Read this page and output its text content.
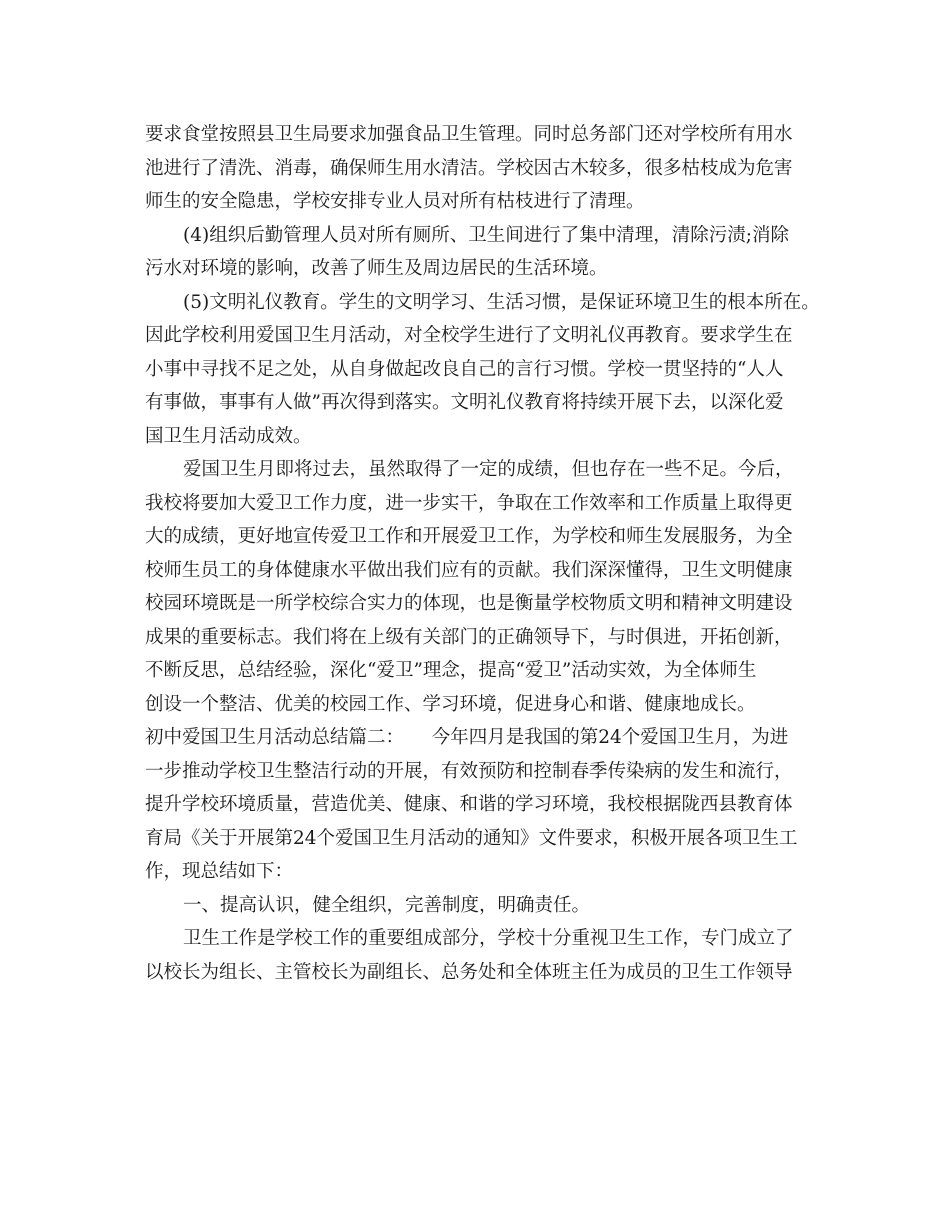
要求食堂按照县卫生局要求加强食品卫生管理。同时总务部门还对学校所有用水
池进行了清洗、消毒，确保师生用水清洁。学校因古木较多，很多枯枝成为危害
师生的安全隐患，学校安排专业人员对所有枯枝进行了清理。
(4)组织后勤管理人员对所有厕所、卫生间进行了集中清理，清除污渍;消除
污水对环境的影响，改善了师生及周边居民的生活环境。
(5)文明礼仪教育。学生的文明学习、生活习惯，是保证环境卫生的根本所在。
因此学校利用爱国卫生月活动，对全校学生进行了文明礼仪再教育。要求学生在
小事中寻找不足之处，从自身做起改良自己的言行习惯。学校一贯坚持的“人人
有事做，事事有人做”再次得到落实。文明礼仪教育将持续开展下去，以深化爱
国卫生月活动成效。
爱国卫生月即将过去，虽然取得了一定的成绩，但也存在一些不足。今后，
我校将要加大爱卫工作力度，进一步实干，争取在工作效率和工作质量上取得更
大的成绩，更好地宣传爱卫工作和开展爱卫工作，为学校和师生发展服务，为全
校师生员工的身体健康水平做出我们应有的贡献。我们深深懂得，卫生文明健康
校园环境既是一所学校综合实力的体现，也是衡量学校物质文明和精神文明建设
成果的重要标志。我们将在上级有关部门的正确领导下，与时俱进，开拓创新，
不断反思，总结经验，深化“爱卫”理念，提高“爱卫”活动实效，为全体师生
创设一个整洁、优美的校园工作、学习环境，促进身心和谐、健康地成长。
初中爱国卫生月活动总结篇二：　　今年四月是我国的第24个爱国卫生月，为进
一步推动学校卫生整洁行动的开展，有效预防和控制春季传染病的发生和流行，
提升学校环境质量，营造优美、健康、和谐的学习环境，我校根据陇西县教育体
育局《关于开展第24个爱国卫生月活动的通知》文件要求，积极开展各项卫生工
作，现总结如下：
一、提高认识，健全组织，完善制度，明确责任。
卫生工作是学校工作的重要组成部分，学校十分重视卫生工作，专门成立了
以校长为组长、主管校长为副组长、总务处和全体班主任为成员的卫生工作领导
